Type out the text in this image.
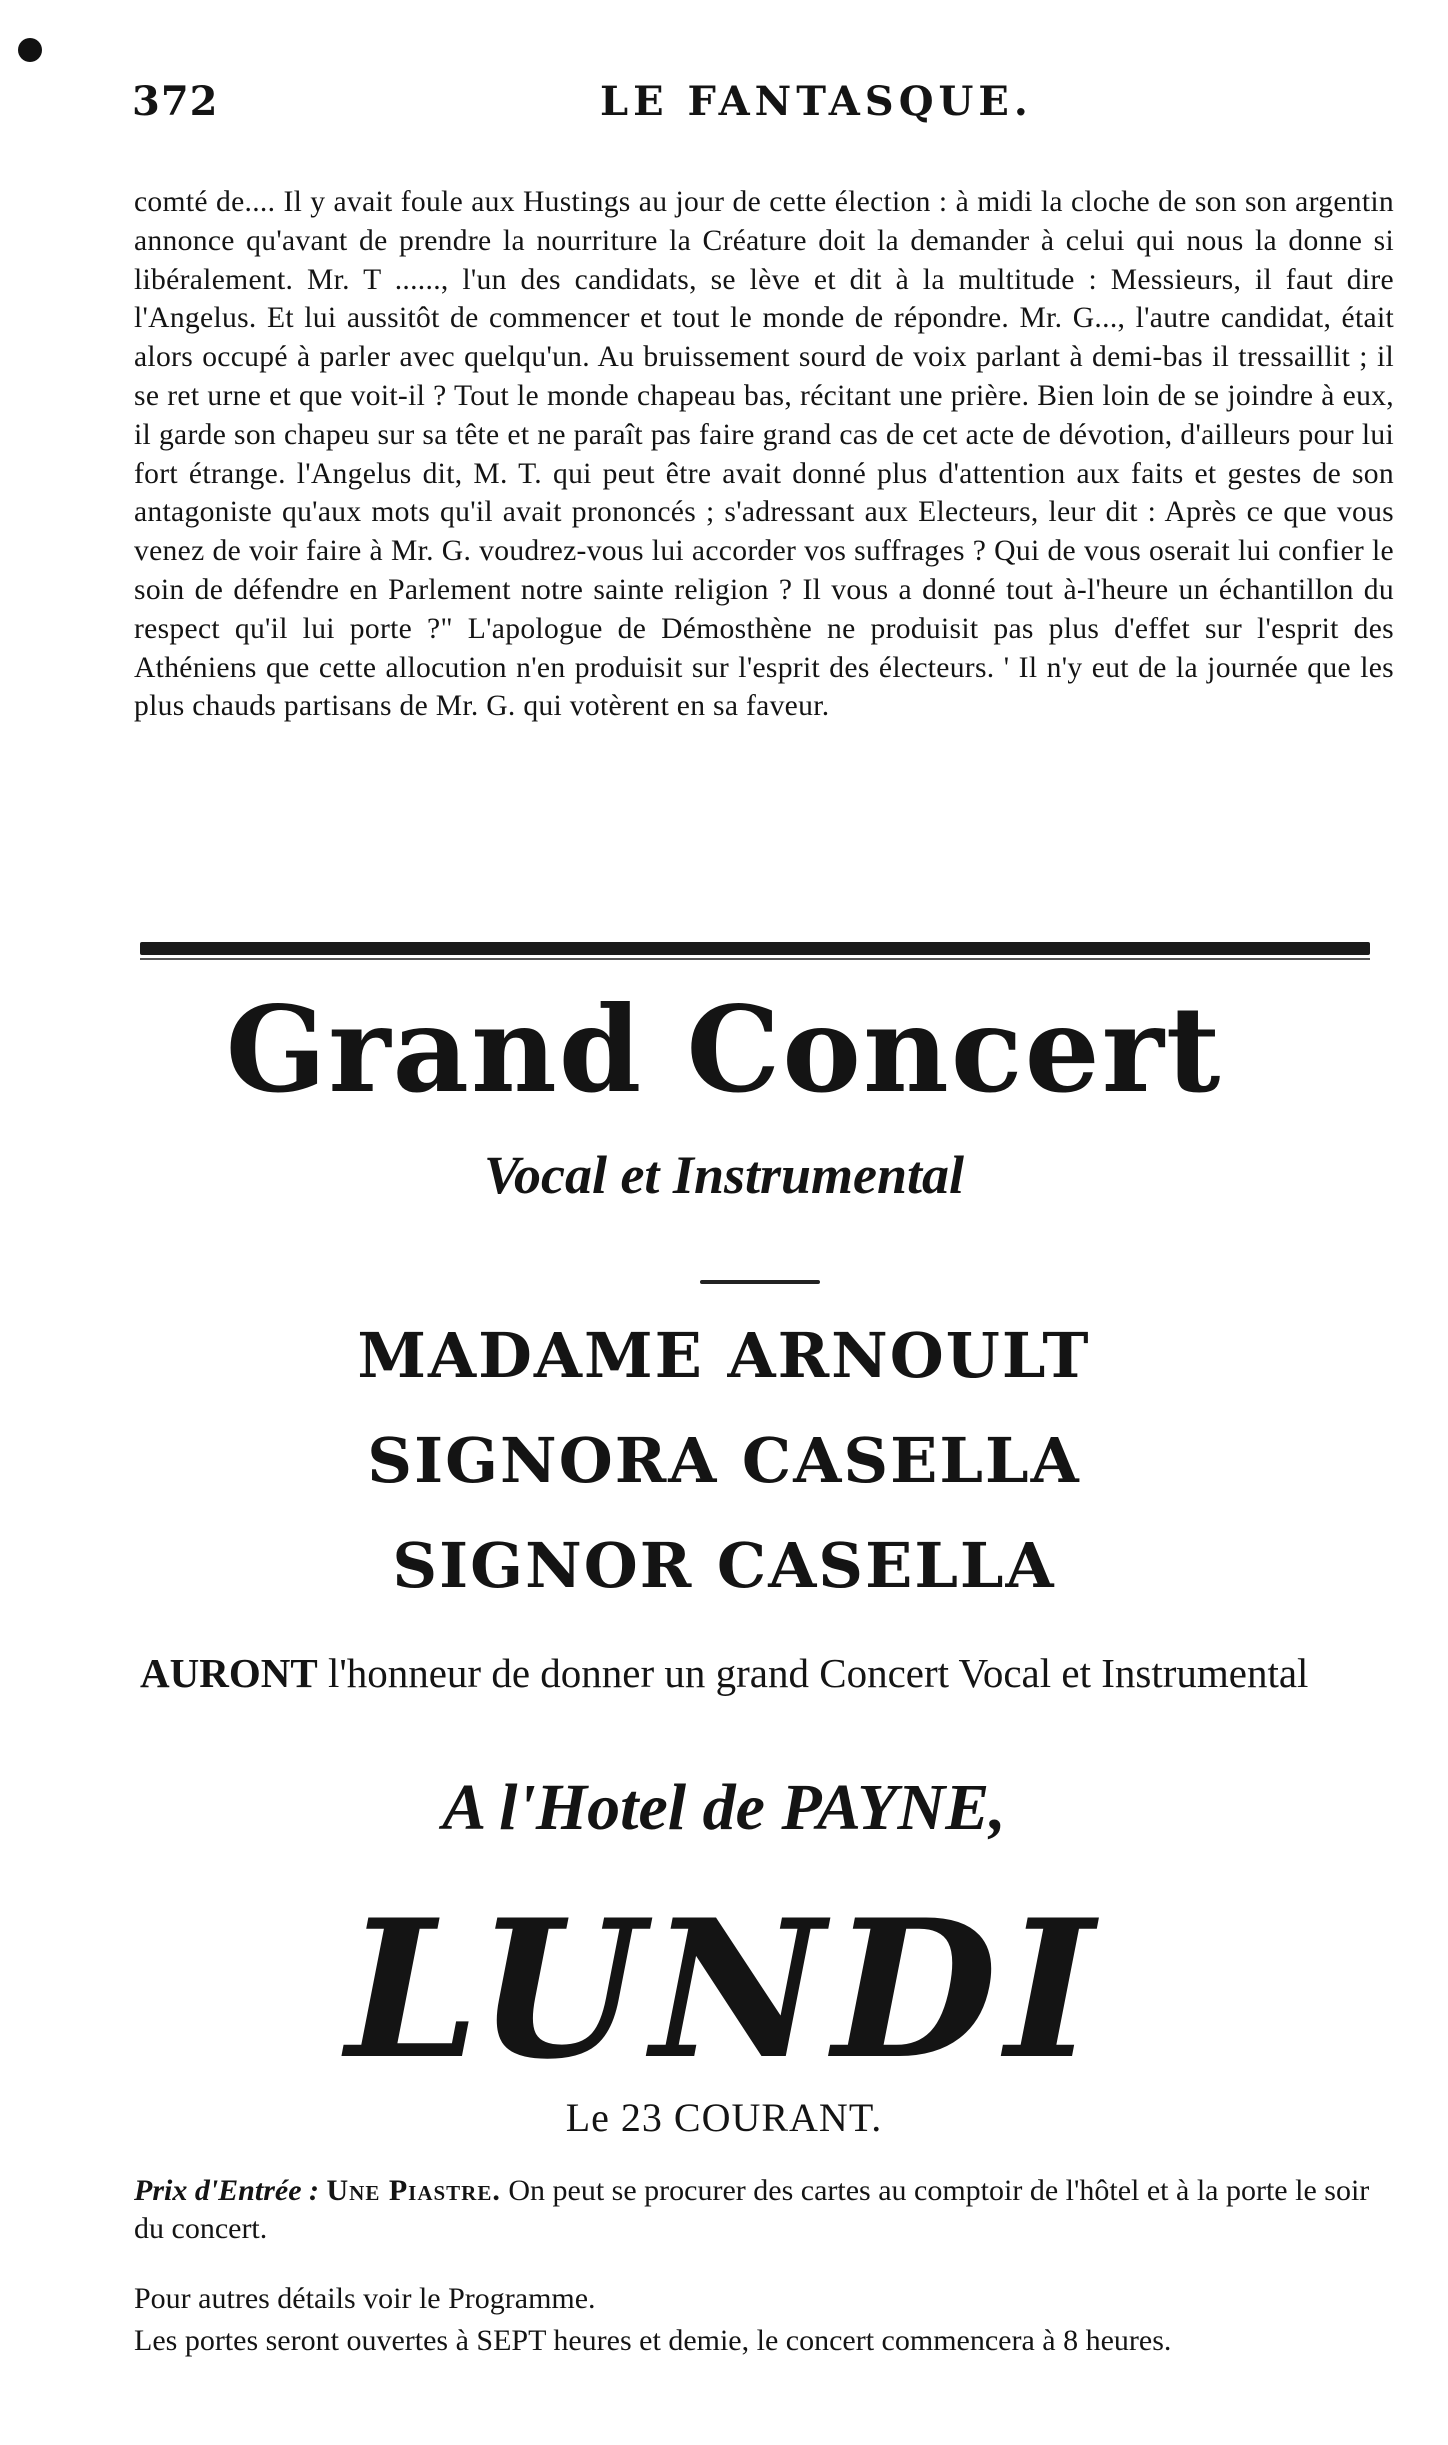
372	LE FANTASQUE.

comté de.... Il y avait foule aux Hustings au jour de cette élection : à midi la cloche de son son argentin annonce qu'avant de prendre la nourriture la Créature doit la demander à celui qui nous la donne si libéralement. Mr. T ......, l'un des candidats, se lève et dit à la multitude : Messieurs, il faut dire l'Angelus. Et lui aussitôt de commencer et tout le monde de répondre. Mr. G..., l'autre candidat, était alors occupé à parler avec quelqu'un. Au bruissement sourd de voix parlant à demi-bas il tressaillit ; il se ret urne et que voit-il ? Tout le monde chapeau bas, récitant une prière. Bien loin de se joindre à eux, il garde son chapeu sur sa tête et ne paraît pas faire grand cas de cet acte de dévotion, d'ailleurs pour lui fort étrange. l'Angelus dit, M. T. qui peut être avait donné plus d'attention aux faits et gestes de son antagoniste qu'aux mots qu'il avait prononcés ; s'adressant aux Electeurs, leur dit : Après ce que vous venez de voir faire à Mr. G. voudrez-vous lui accorder vos suffrages ? Qui de vous oserait lui confier le soin de défendre en Parlement notre sainte religion ? Il vous a donné tout à-l'heure un échantillon du respect qu'il lui porte ?" L'apologue de Démosthène ne produisit pas plus d'effet sur l'esprit des Athéniens que cette allocution n'en produisit sur l'esprit des électeurs. ' Il n'y eut de la journée que les plus chauds partisans de Mr. G. qui votèrent en sa faveur.

Grand Concert
Vocal et Instrumental
MADAME ARNOULT
SIGNORA CASELLA
SIGNOR CASELLA
AURONT l'honneur de donner un grand Concert Vocal et Instrumental
A l'Hotel de PAYNE,
LUNDI
Le 23 COURANT.
Prix d'Entrée : Une Piastre. On peut se procurer des cartes au comptoir de l'hôtel et à la porte le soir du concert.
Pour autres détails voir le Programme.
Les portes seront ouvertes à SEPT heures et demie, le concert commencera à 8 heures.
